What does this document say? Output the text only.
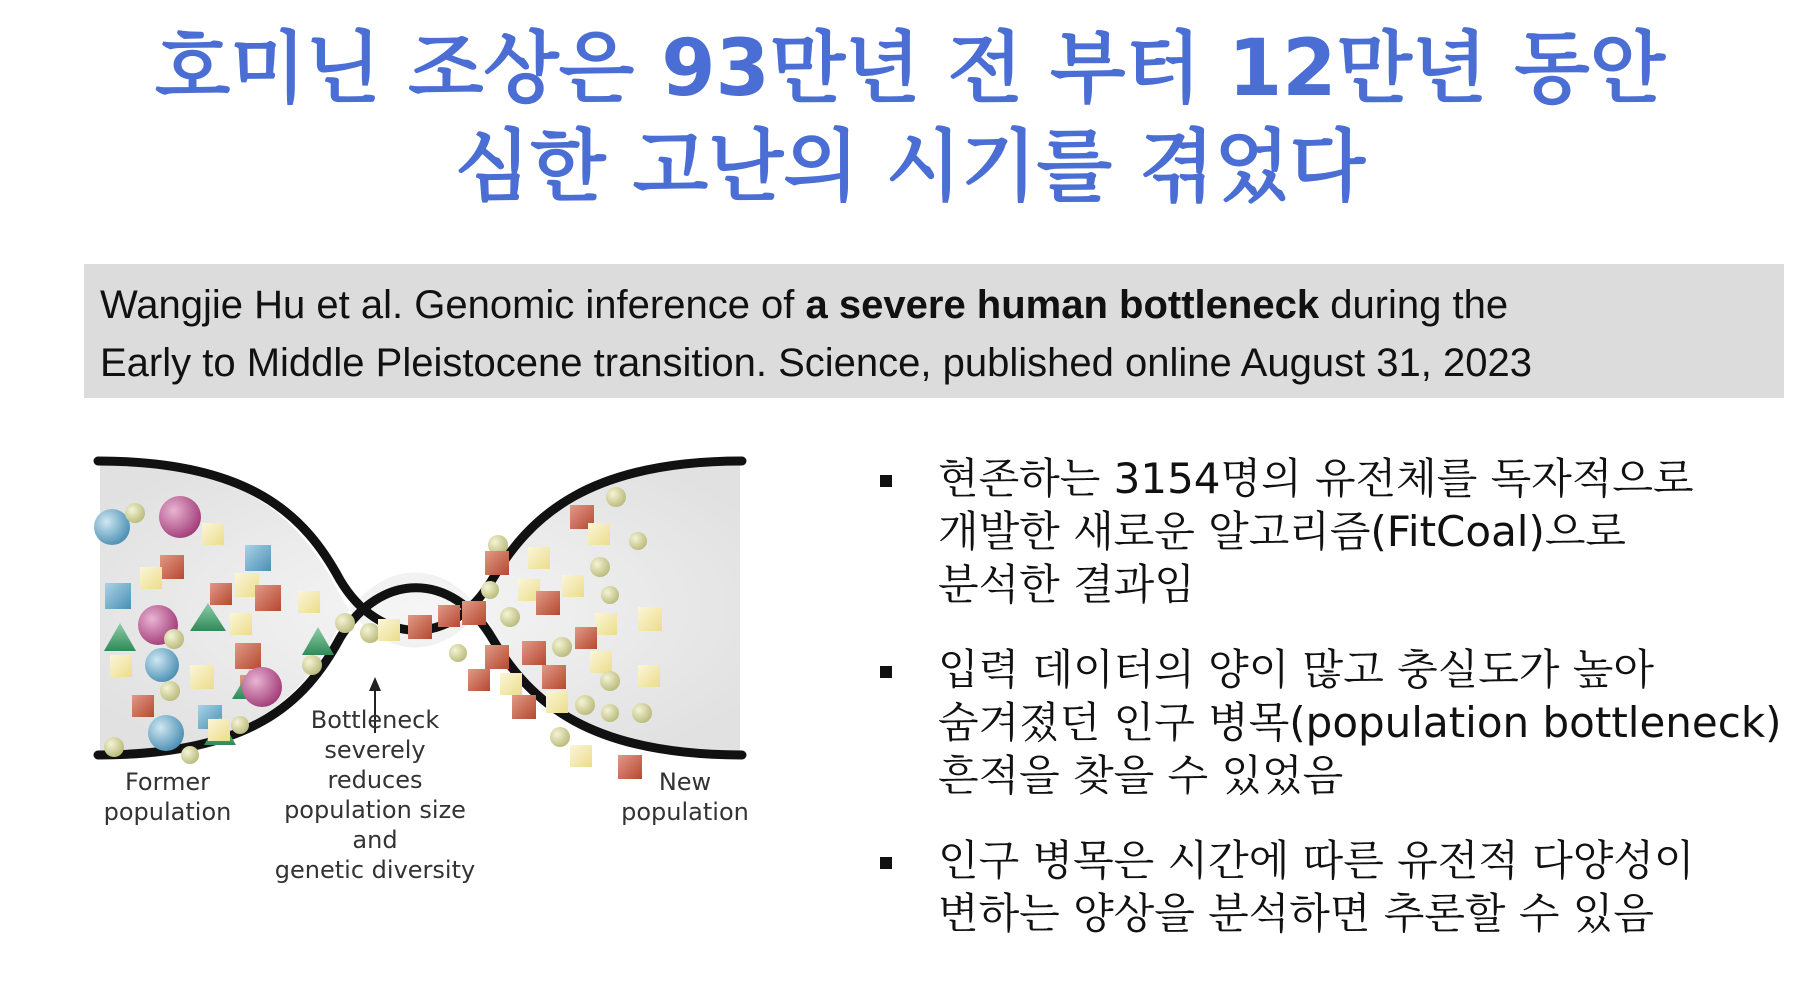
호미닌 조상은 93만년 전 부터 12만년 동안
심한 고난의 시기를 겪었다
Wangjie Hu et al. Genomic inference of a severe human bottleneck during the
Early to Middle Pleistocene transition. Science, published online August 31, 2023
Former
population
Bottleneck
severely
reduces
population size
and
genetic diversity
New
population
현존하는 3154명의 유전체를 독자적으로
개발한 새로운 알고리즘(FitCoal)으로
분석한 결과임
입력 데이터의 양이 많고 충실도가 높아
숨겨졌던 인구 병목(population bottleneck)
흔적을 찾을 수 있었음
인구 병목은 시간에 따른 유전적 다양성이
변하는 양상을 분석하면 추론할 수 있음
